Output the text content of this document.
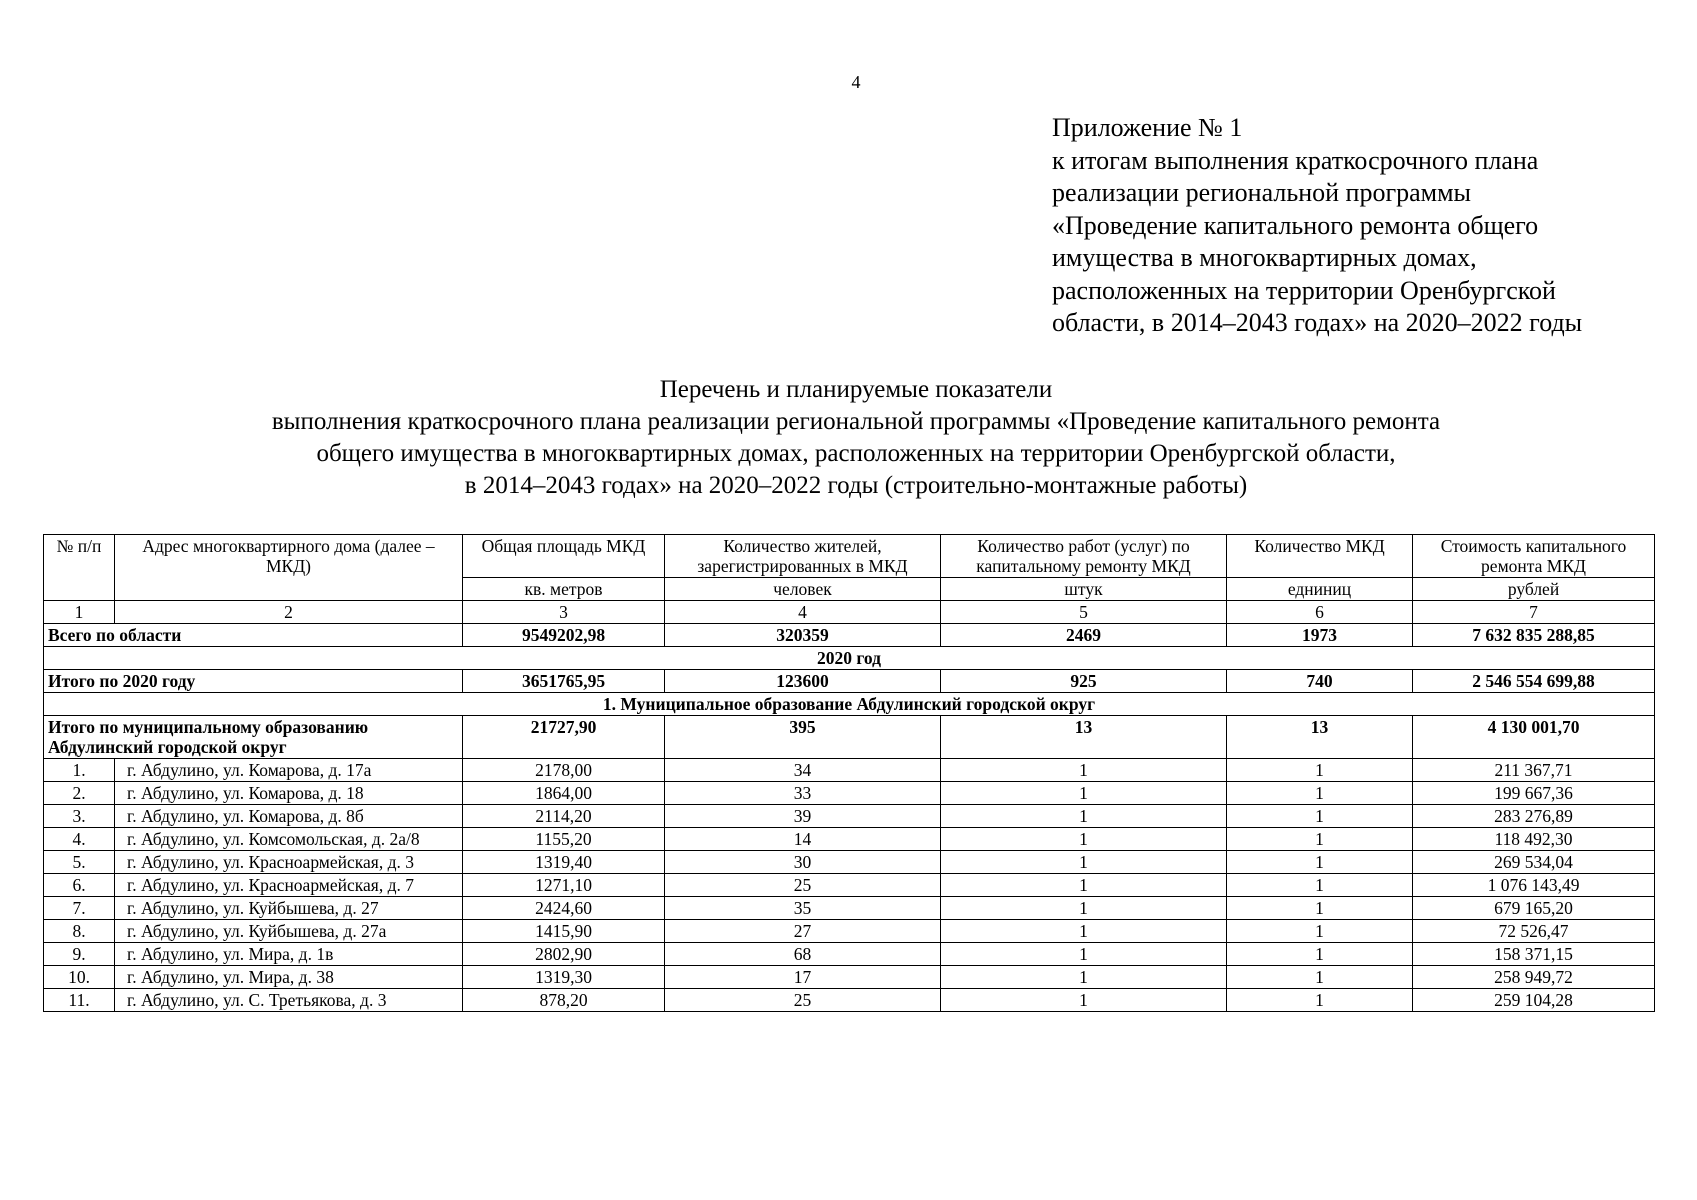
4
Приложение № 1
к итогам выполнения краткосрочного плана
реализации региональной программы
«Проведение капитального ремонта общего
имущества в многоквартирных домах,
расположенных на территории Оренбургской
области, в 2014–2043 годах» на 2020–2022 годы
Перечень и планируемые показатели
выполнения краткосрочного плана реализации региональной программы «Проведение капитального ремонта
общего имущества в многоквартирных домах, расположенных на территории Оренбургской области,
в 2014–2043 годах» на 2020–2022 годы (строительно-монтажные работы)
№ п/п	Адрес многоквартирного дома (далее – МКД)	Общая площадь МКД	Количество жителей, зарегистрированных в МКД	Количество работ (услуг) по капитальному ремонту МКД	Количество МКД	Стоимость капитального ремонта МКД
		кв. метров	человек	штук	едниниц	рублей
1	2	3	4	5	6	7
Всего по области		9549202,98	320359	2469	1973	7 632 835 288,85
2020 год						
Итого по 2020 году		3651765,95	123600	925	740	2 546 554 699,88
1. Муниципальное образование Абдулинский городской округ						
Итого по муниципальному образованию Абдулинский городской округ		21727,90	395	13	13	4 130 001,70
1.	г. Абдулино, ул. Комарова, д. 17а	2178,00	34	1	1	211 367,71
2.	г. Абдулино, ул. Комарова, д. 18	1864,00	33	1	1	199 667,36
3.	г. Абдулино, ул. Комарова, д. 8б	2114,20	39	1	1	283 276,89
4.	г. Абдулино, ул. Комсомольская, д. 2а/8	1155,20	14	1	1	118 492,30
5.	г. Абдулино, ул. Красноармейская, д. 3	1319,40	30	1	1	269 534,04
6.	г. Абдулино, ул. Красноармейская, д. 7	1271,10	25	1	1	1 076 143,49
7.	г. Абдулино, ул. Куйбышева, д. 27	2424,60	35	1	1	679 165,20
8.	г. Абдулино, ул. Куйбышева, д. 27а	1415,90	27	1	1	72 526,47
9.	г. Абдулино, ул. Мира, д. 1в	2802,90	68	1	1	158 371,15
10.	г. Абдулино, ул. Мира, д. 38	1319,30	17	1	1	258 949,72
11.	г. Абдулино, ул. С. Третьякова, д. 3	878,20	25	1	1	259 104,28
